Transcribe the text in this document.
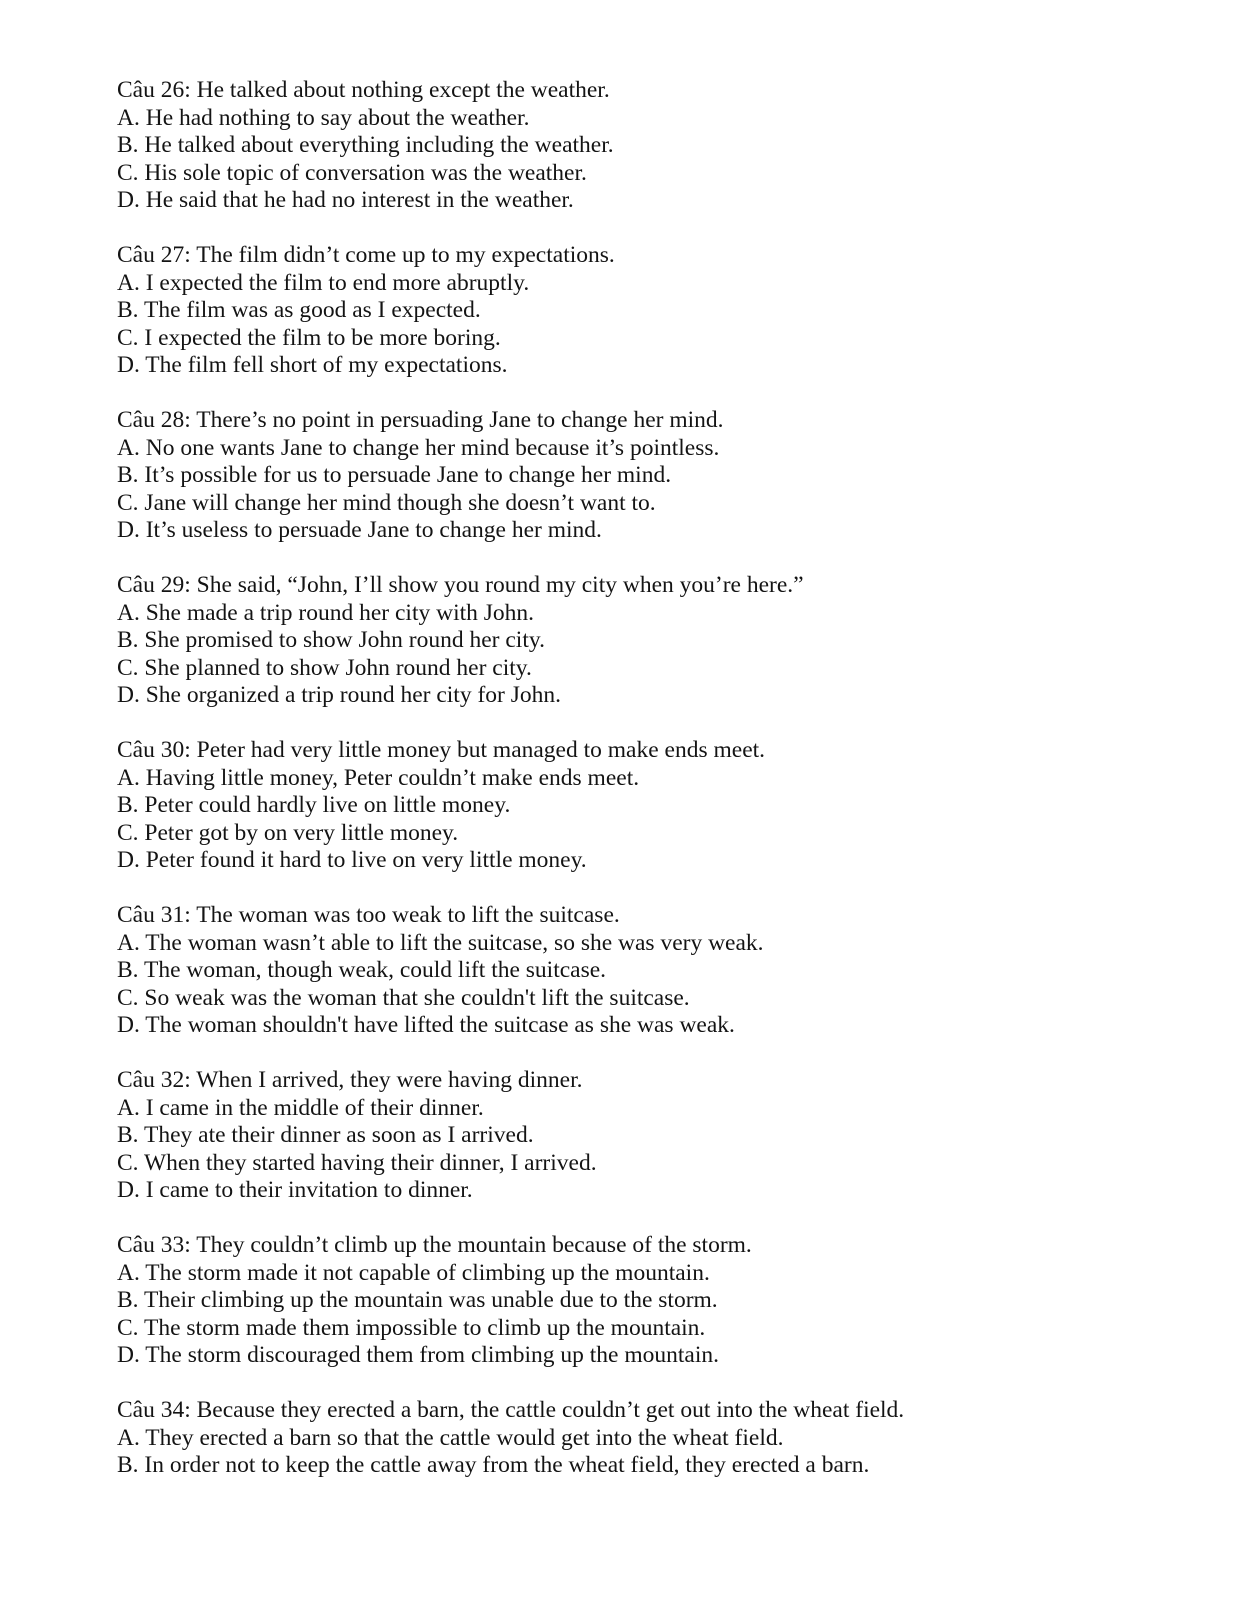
Câu 26: He talked about nothing except the weather.
A. He had nothing to say about the weather.
B. He talked about everything including the weather.
C. His sole topic of conversation was the weather.
D. He said that he had no interest in the weather.
Câu 27: The film didn’t come up to my expectations.
A. I expected the film to end more abruptly.
B. The film was as good as I expected.
C. I expected the film to be more boring.
D. The film fell short of my expectations.
Câu 28: There’s no point in persuading Jane to change her mind.
A. No one wants Jane to change her mind because it’s pointless.
B. It’s possible for us to persuade Jane to change her mind.
C. Jane will change her mind though she doesn’t want to.
D. It’s useless to persuade Jane to change her mind.
Câu 29: She said, “John, I’ll show you round my city when you’re here.”
A. She made a trip round her city with John.
B. She promised to show John round her city.
C. She planned to show John round her city.
D. She organized a trip round her city for John.
Câu 30: Peter had very little money but managed to make ends meet.
A. Having little money, Peter couldn’t make ends meet.
B. Peter could hardly live on little money.
C. Peter got by on very little money.
D. Peter found it hard to live on very little money.
Câu 31: The woman was too weak to lift the suitcase.
A. The woman wasn’t able to lift the suitcase, so she was very weak.
B. The woman, though weak, could lift the suitcase.
C. So weak was the woman that she couldn't lift the suitcase.
D. The woman shouldn't have lifted the suitcase as she was weak.
Câu 32: When I arrived, they were having dinner.
A. I came in the middle of their dinner.
B. They ate their dinner as soon as I arrived.
C. When they started having their dinner, I arrived.
D. I came to their invitation to dinner.
Câu 33: They couldn’t climb up the mountain because of the storm.
A. The storm made it not capable of climbing up the mountain.
B. Their climbing up the mountain was unable due to the storm.
C. The storm made them impossible to climb up the mountain.
D. The storm discouraged them from climbing up the mountain.
Câu 34: Because they erected a barn, the cattle couldn’t get out into the wheat field.
A. They erected a barn so that the cattle would get into the wheat field.
B. In order not to keep the cattle away from the wheat field, they erected a barn.
